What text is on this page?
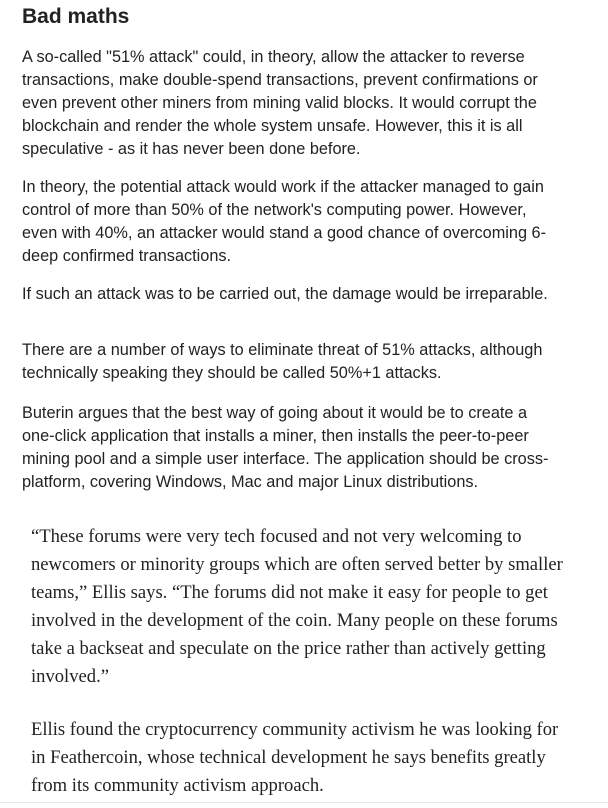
Bad maths

A so-called "51% attack" could, in theory, allow the attacker to reverse
transactions, make double-spend transactions, prevent confirmations or
even prevent other miners from mining valid blocks. It would corrupt the
blockchain and render the whole system unsafe. However, this it is all
speculative - as it has never been done before.

In theory, the potential attack would work if the attacker managed to gain
control of more than 50% of the network's computing power. However,
even with 40%, an attacker would stand a good chance of overcoming 6-
deep confirmed transactions.

If such an attack was to be carried out, the damage would be irreparable.

There are a number of ways to eliminate threat of 51% attacks, although
technically speaking they should be called 50%+1 attacks.

Buterin argues that the best way of going about it would be to create a
one-click application that installs a miner, then installs the peer-to-peer
mining pool and a simple user interface. The application should be cross-
platform, covering Windows, Mac and major Linux distributions.

“These forums were very tech focused and not very welcoming to
newcomers or minority groups which are often served better by smaller
teams,” Ellis says. “The forums did not make it easy for people to get
involved in the development of the coin. Many people on these forums
take a backseat and speculate on the price rather than actively getting
involved.”

Ellis found the cryptocurrency community activism he was looking for
in Feathercoin, whose technical development he says benefits greatly
from its community activism approach.
